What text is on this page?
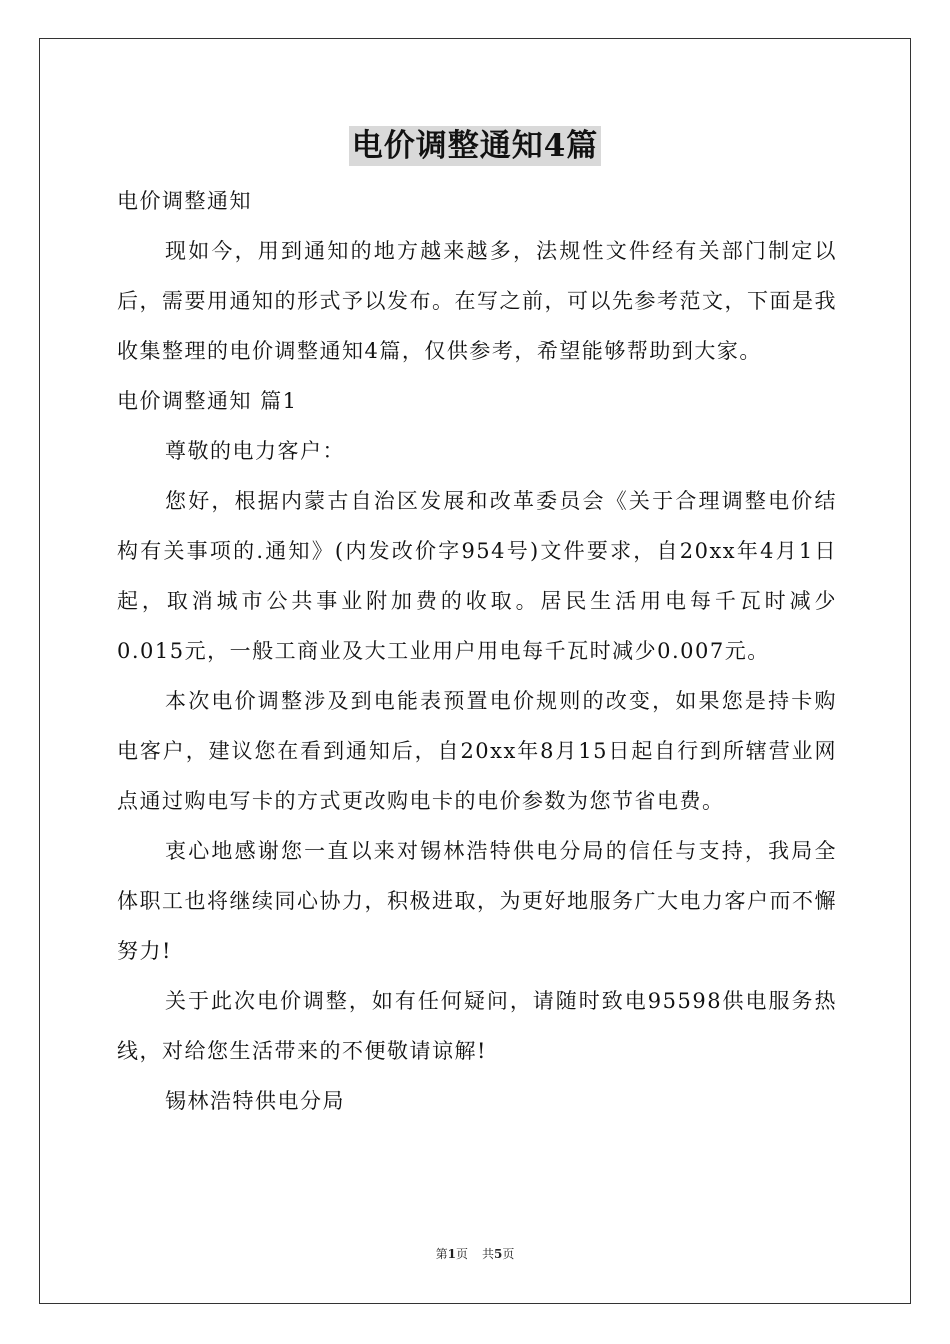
电价调整通知4篇

电价调整通知

现如今，用到通知的地方越来越多，法规性文件经有关部门制定以后，需要用通知的形式予以发布。在写之前，可以先参考范文，下面是我收集整理的电价调整通知4篇，仅供参考，希望能够帮助到大家。

电价调整通知 篇1

尊敬的电力客户：

您好，根据内蒙古自治区发展和改革委员会《关于合理调整电价结构有关事项的.通知》(内发改价字954号)文件要求，自20xx年4月1日起，取消城市公共事业附加费的收取。居民生活用电每千瓦时减少0.015元，一般工商业及大工业用户用电每千瓦时减少0.007元。

本次电价调整涉及到电能表预置电价规则的改变，如果您是持卡购电客户，建议您在看到通知后，自20xx年8月15日起自行到所辖营业网点通过购电写卡的方式更改购电卡的电价参数为您节省电费。

衷心地感谢您一直以来对锡林浩特供电分局的信任与支持，我局全体职工也将继续同心协力，积极进取，为更好地服务广大电力客户而不懈努力!

关于此次电价调整，如有任何疑问，请随时致电95598供电服务热线，对给您生活带来的不便敬请谅解!

锡林浩特供电分局

第1页 共5页
